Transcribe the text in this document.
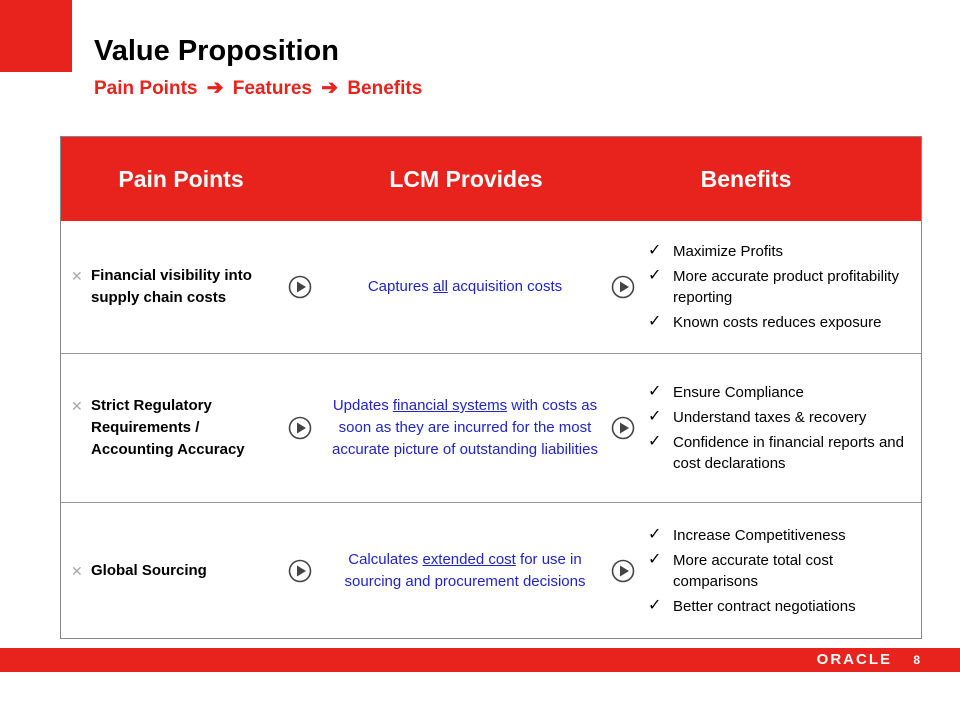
Value Proposition
Pain Points ➔ Features ➔ Benefits
Pain Points	LCM Provides	Benefits
✕ Financial visibility into supply chain costs
Captures all acquisition costs
✓ Maximize Profits
✓ More accurate product profitability reporting
✓ Known costs reduces exposure
✕ Strict Regulatory Requirements / Accounting Accuracy
Updates financial systems with costs as soon as they are incurred for the most accurate picture of outstanding liabilities
✓ Ensure Compliance
✓ Understand taxes & recovery
✓ Confidence in financial reports and cost declarations
✕ Global Sourcing
Calculates extended cost for use in sourcing and procurement decisions
✓ Increase Competitiveness
✓ More accurate total cost comparisons
✓ Better contract negotiations
ORACLE 8
